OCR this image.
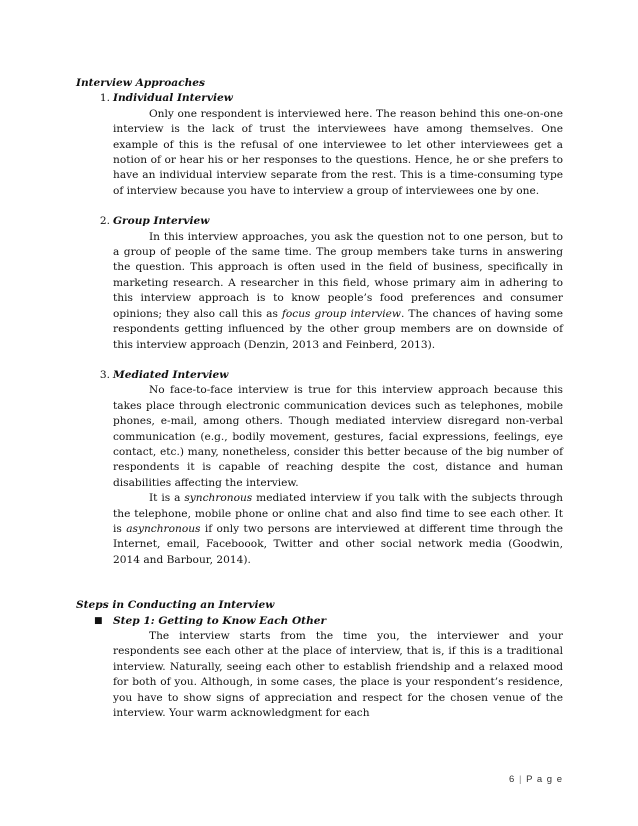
Interview Approaches

1. Individual Interview

Only one respondent is interviewed here. The reason behind this one-on-one interview is the lack of trust the interviewees have among themselves. One example of this is the refusal of one interviewee to let other interviewees get a notion of or hear his or her responses to the questions. Hence, he or she prefers to have an individual interview separate from the rest. This is a time-consuming type of interview because you have to interview a group of interviewees one by one.

2. Group Interview

In this interview approaches, you ask the question not to one person, but to a group of people of the same time. The group members take turns in answering the question. This approach is often used in the field of business, specifically in marketing research. A researcher in this field, whose primary aim in adhering to this interview approach is to know people’s food preferences and consumer opinions; they also call this as focus group interview. The chances of having some respondents getting influenced by the other group members are on downside of this interview approach (Denzin, 2013 and Feinberd, 2013).

3. Mediated Interview

No face-to-face interview is true for this interview approach because this takes place through electronic communication devices such as telephones, mobile phones, e-mail, among others. Though mediated interview disregard non-verbal communication (e.g., bodily movement, gestures, facial expressions, feelings, eye contact, etc.) many, nonetheless, consider this better because of the big number of respondents it is capable of reaching despite the cost, distance and human disabilities affecting the interview.

It is a synchronous mediated interview if you talk with the subjects through the telephone, mobile phone or online chat and also find time to see each other. It is asynchronous if only two persons are interviewed at different time through the Internet, email, Faceboook, Twitter and other social network media (Goodwin, 2014 and Barbour, 2014).

Steps in Conducting an Interview

■ Step 1: Getting to Know Each Other

The interview starts from the time you, the interviewer and your respondents see each other at the place of interview, that is, if this is a traditional interview. Naturally, seeing each other to establish friendship and a relaxed mood for both of you. Although, in some cases, the place is your respondent’s residence, you have to show signs of appreciation and respect for the chosen venue of the interview. Your warm acknowledgment for each

6 | P a g e
